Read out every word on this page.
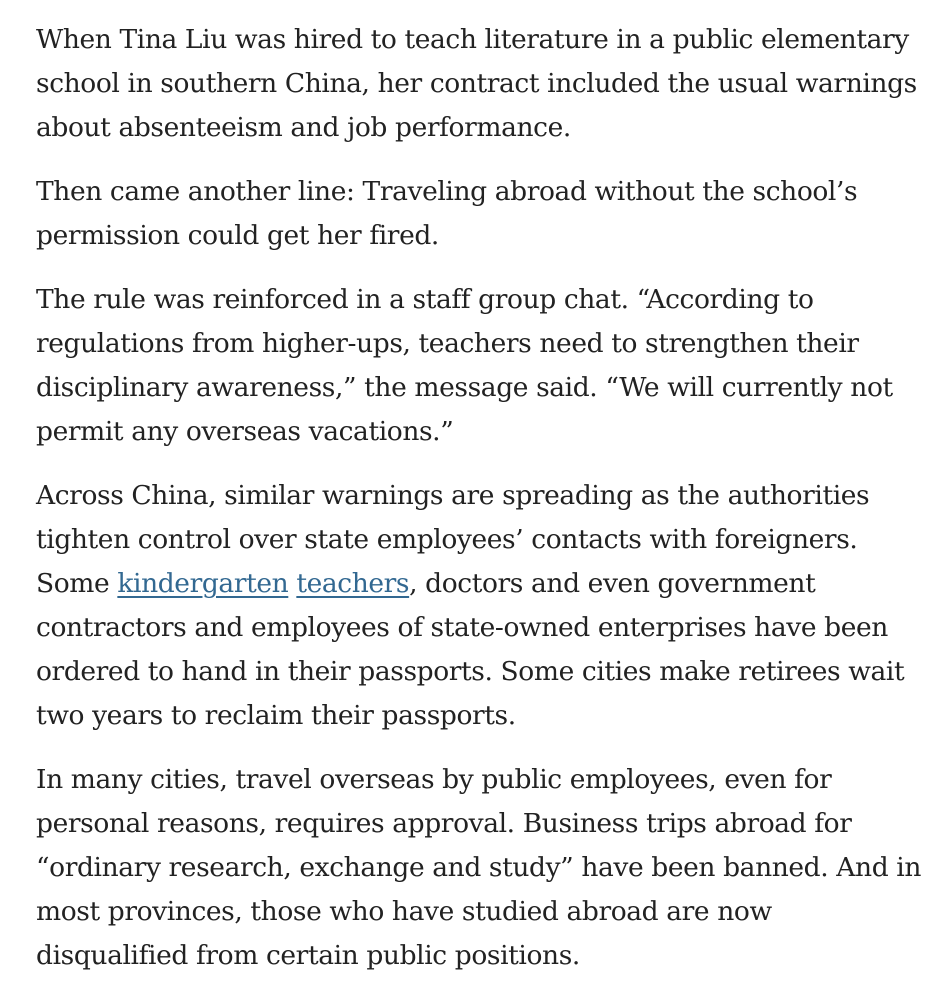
When Tina Liu was hired to teach literature in a public elementary
school in southern China, her contract included the usual warnings
about absenteeism and job performance.

Then came another line: Traveling abroad without the school’s
permission could get her fired.

The rule was reinforced in a staff group chat. “According to
regulations from higher-ups, teachers need to strengthen their
disciplinary awareness,” the message said. “We will currently not
permit any overseas vacations.”

Across China, similar warnings are spreading as the authorities
tighten control over state employees’ contacts with foreigners.
Some kindergarten teachers, doctors and even government
contractors and employees of state-owned enterprises have been
ordered to hand in their passports. Some cities make retirees wait
two years to reclaim their passports.

In many cities, travel overseas by public employees, even for
personal reasons, requires approval. Business trips abroad for
“ordinary research, exchange and study” have been banned. And in
most provinces, those who have studied abroad are now
disqualified from certain public positions.
